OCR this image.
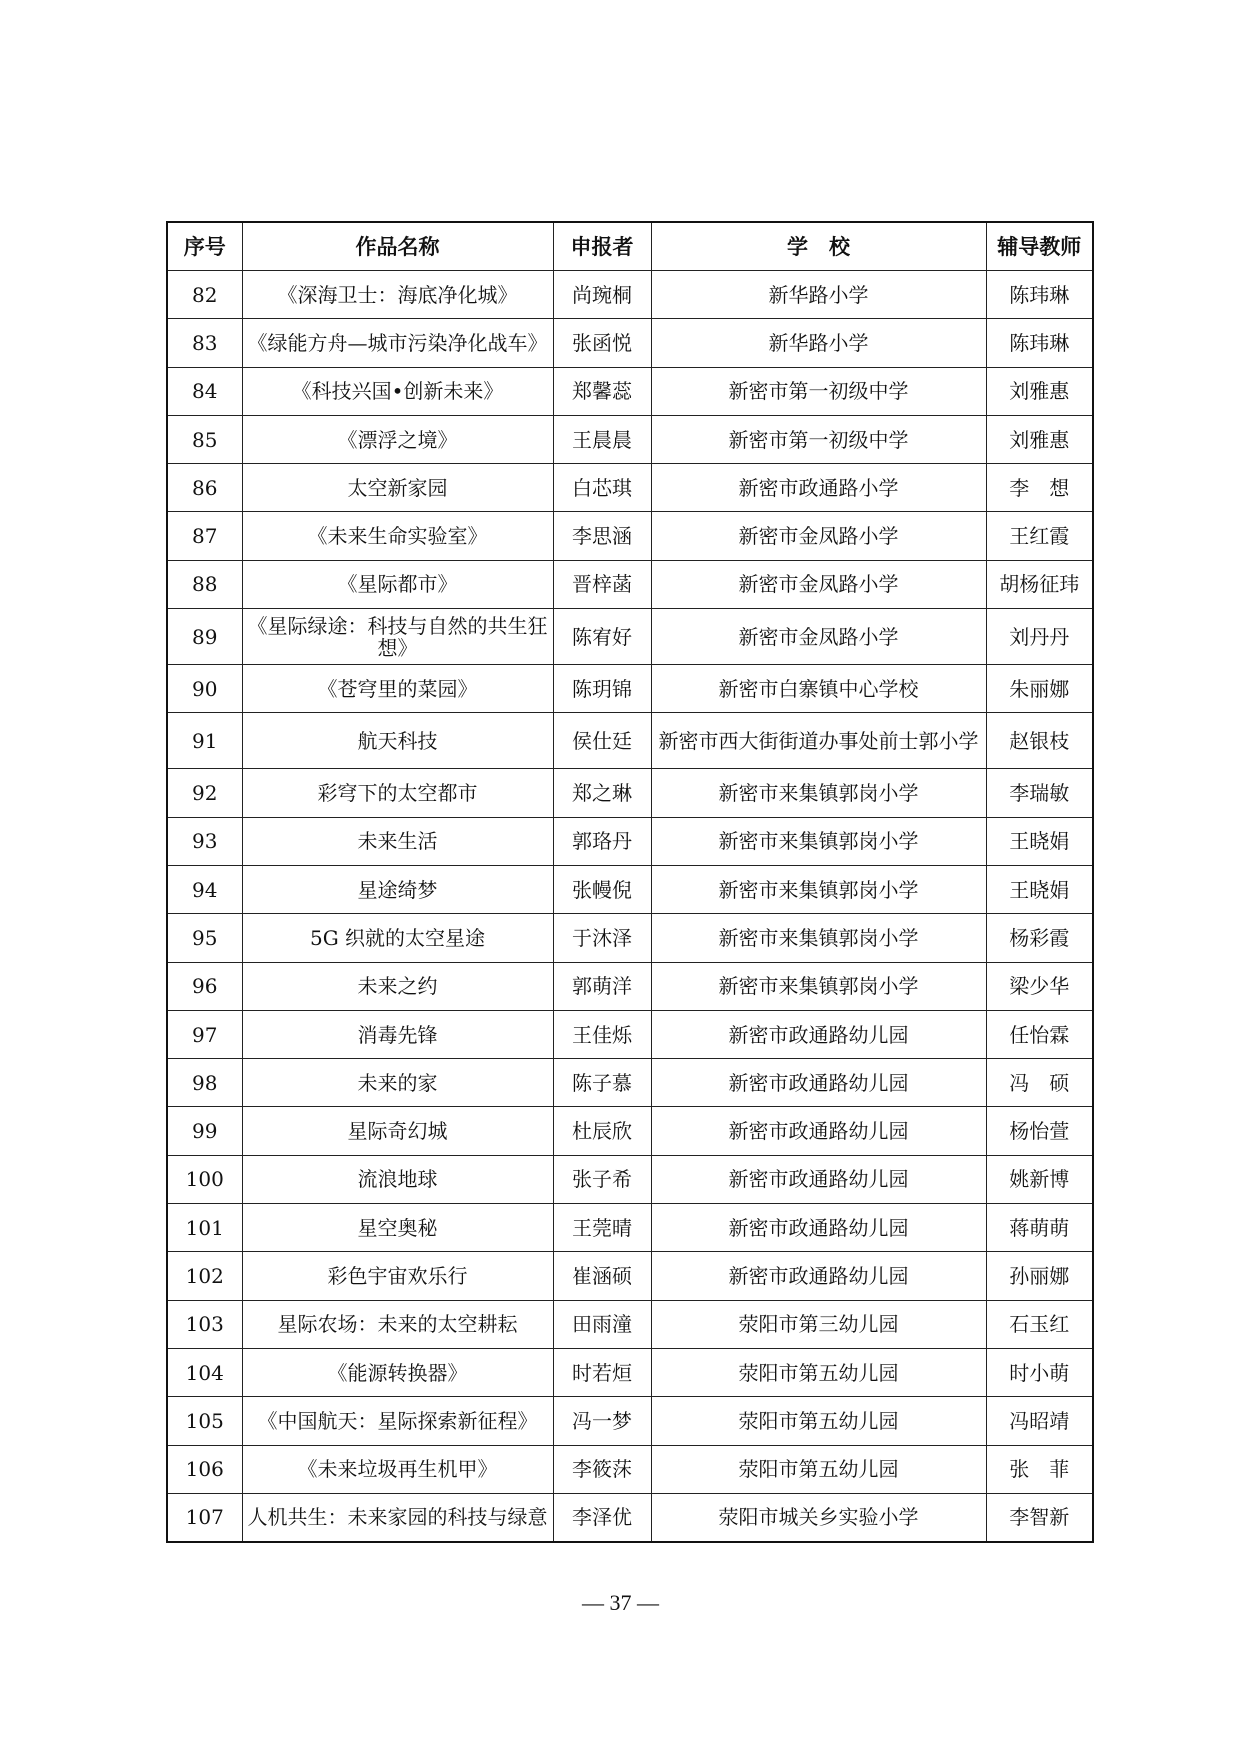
序号	作品名称	申报者	学　校	辅导教师
82	《深海卫士：海底净化城》	尚琬桐	新华路小学	陈玮琳
83	《绿能方舟—城市污染净化战车》	张函悦	新华路小学	陈玮琳
84	《科技兴国•创新未来》	郑馨蕊	新密市第一初级中学	刘雅惠
85	《漂浮之境》	王晨晨	新密市第一初级中学	刘雅惠
86	太空新家园	白芯琪	新密市政通路小学	李　想
87	《未来生命实验室》	李思涵	新密市金凤路小学	王红霞
88	《星际都市》	晋梓菡	新密市金凤路小学	胡杨征玮
89	《星际绿途：科技与自然的共生狂想》	陈宥好	新密市金凤路小学	刘丹丹
90	《苍穹里的菜园》	陈玥锦	新密市白寨镇中心学校	朱丽娜
91	航天科技	侯仕廷	新密市西大街街道办事处前士郭小学	赵银枝
92	彩穹下的太空都市	郑之琳	新密市来集镇郭岗小学	李瑞敏
93	未来生活	郭珞丹	新密市来集镇郭岗小学	王晓娟
94	星途绮梦	张幔倪	新密市来集镇郭岗小学	王晓娟
95	5G 织就的太空星途	于沐泽	新密市来集镇郭岗小学	杨彩霞
96	未来之约	郭萌洋	新密市来集镇郭岗小学	梁少华
97	消毒先锋	王佳烁	新密市政通路幼儿园	任怡霖
98	未来的家	陈子慕	新密市政通路幼儿园	冯　硕
99	星际奇幻城	杜辰欣	新密市政通路幼儿园	杨怡萱
100	流浪地球	张子希	新密市政通路幼儿园	姚新博
101	星空奥秘	王莞晴	新密市政通路幼儿园	蒋萌萌
102	彩色宇宙欢乐行	崔涵硕	新密市政通路幼儿园	孙丽娜
103	星际农场：未来的太空耕耘	田雨潼	荥阳市第三幼儿园	石玉红
104	《能源转换器》	时若烜	荥阳市第五幼儿园	时小萌
105	《中国航天：星际探索新征程》	冯一梦	荥阳市第五幼儿园	冯昭靖
106	《未来垃圾再生机甲》	李筱莯	荥阳市第五幼儿园	张　菲
107	人机共生：未来家园的科技与绿意	李泽优	荥阳市城关乡实验小学	李智新
— 37 —
